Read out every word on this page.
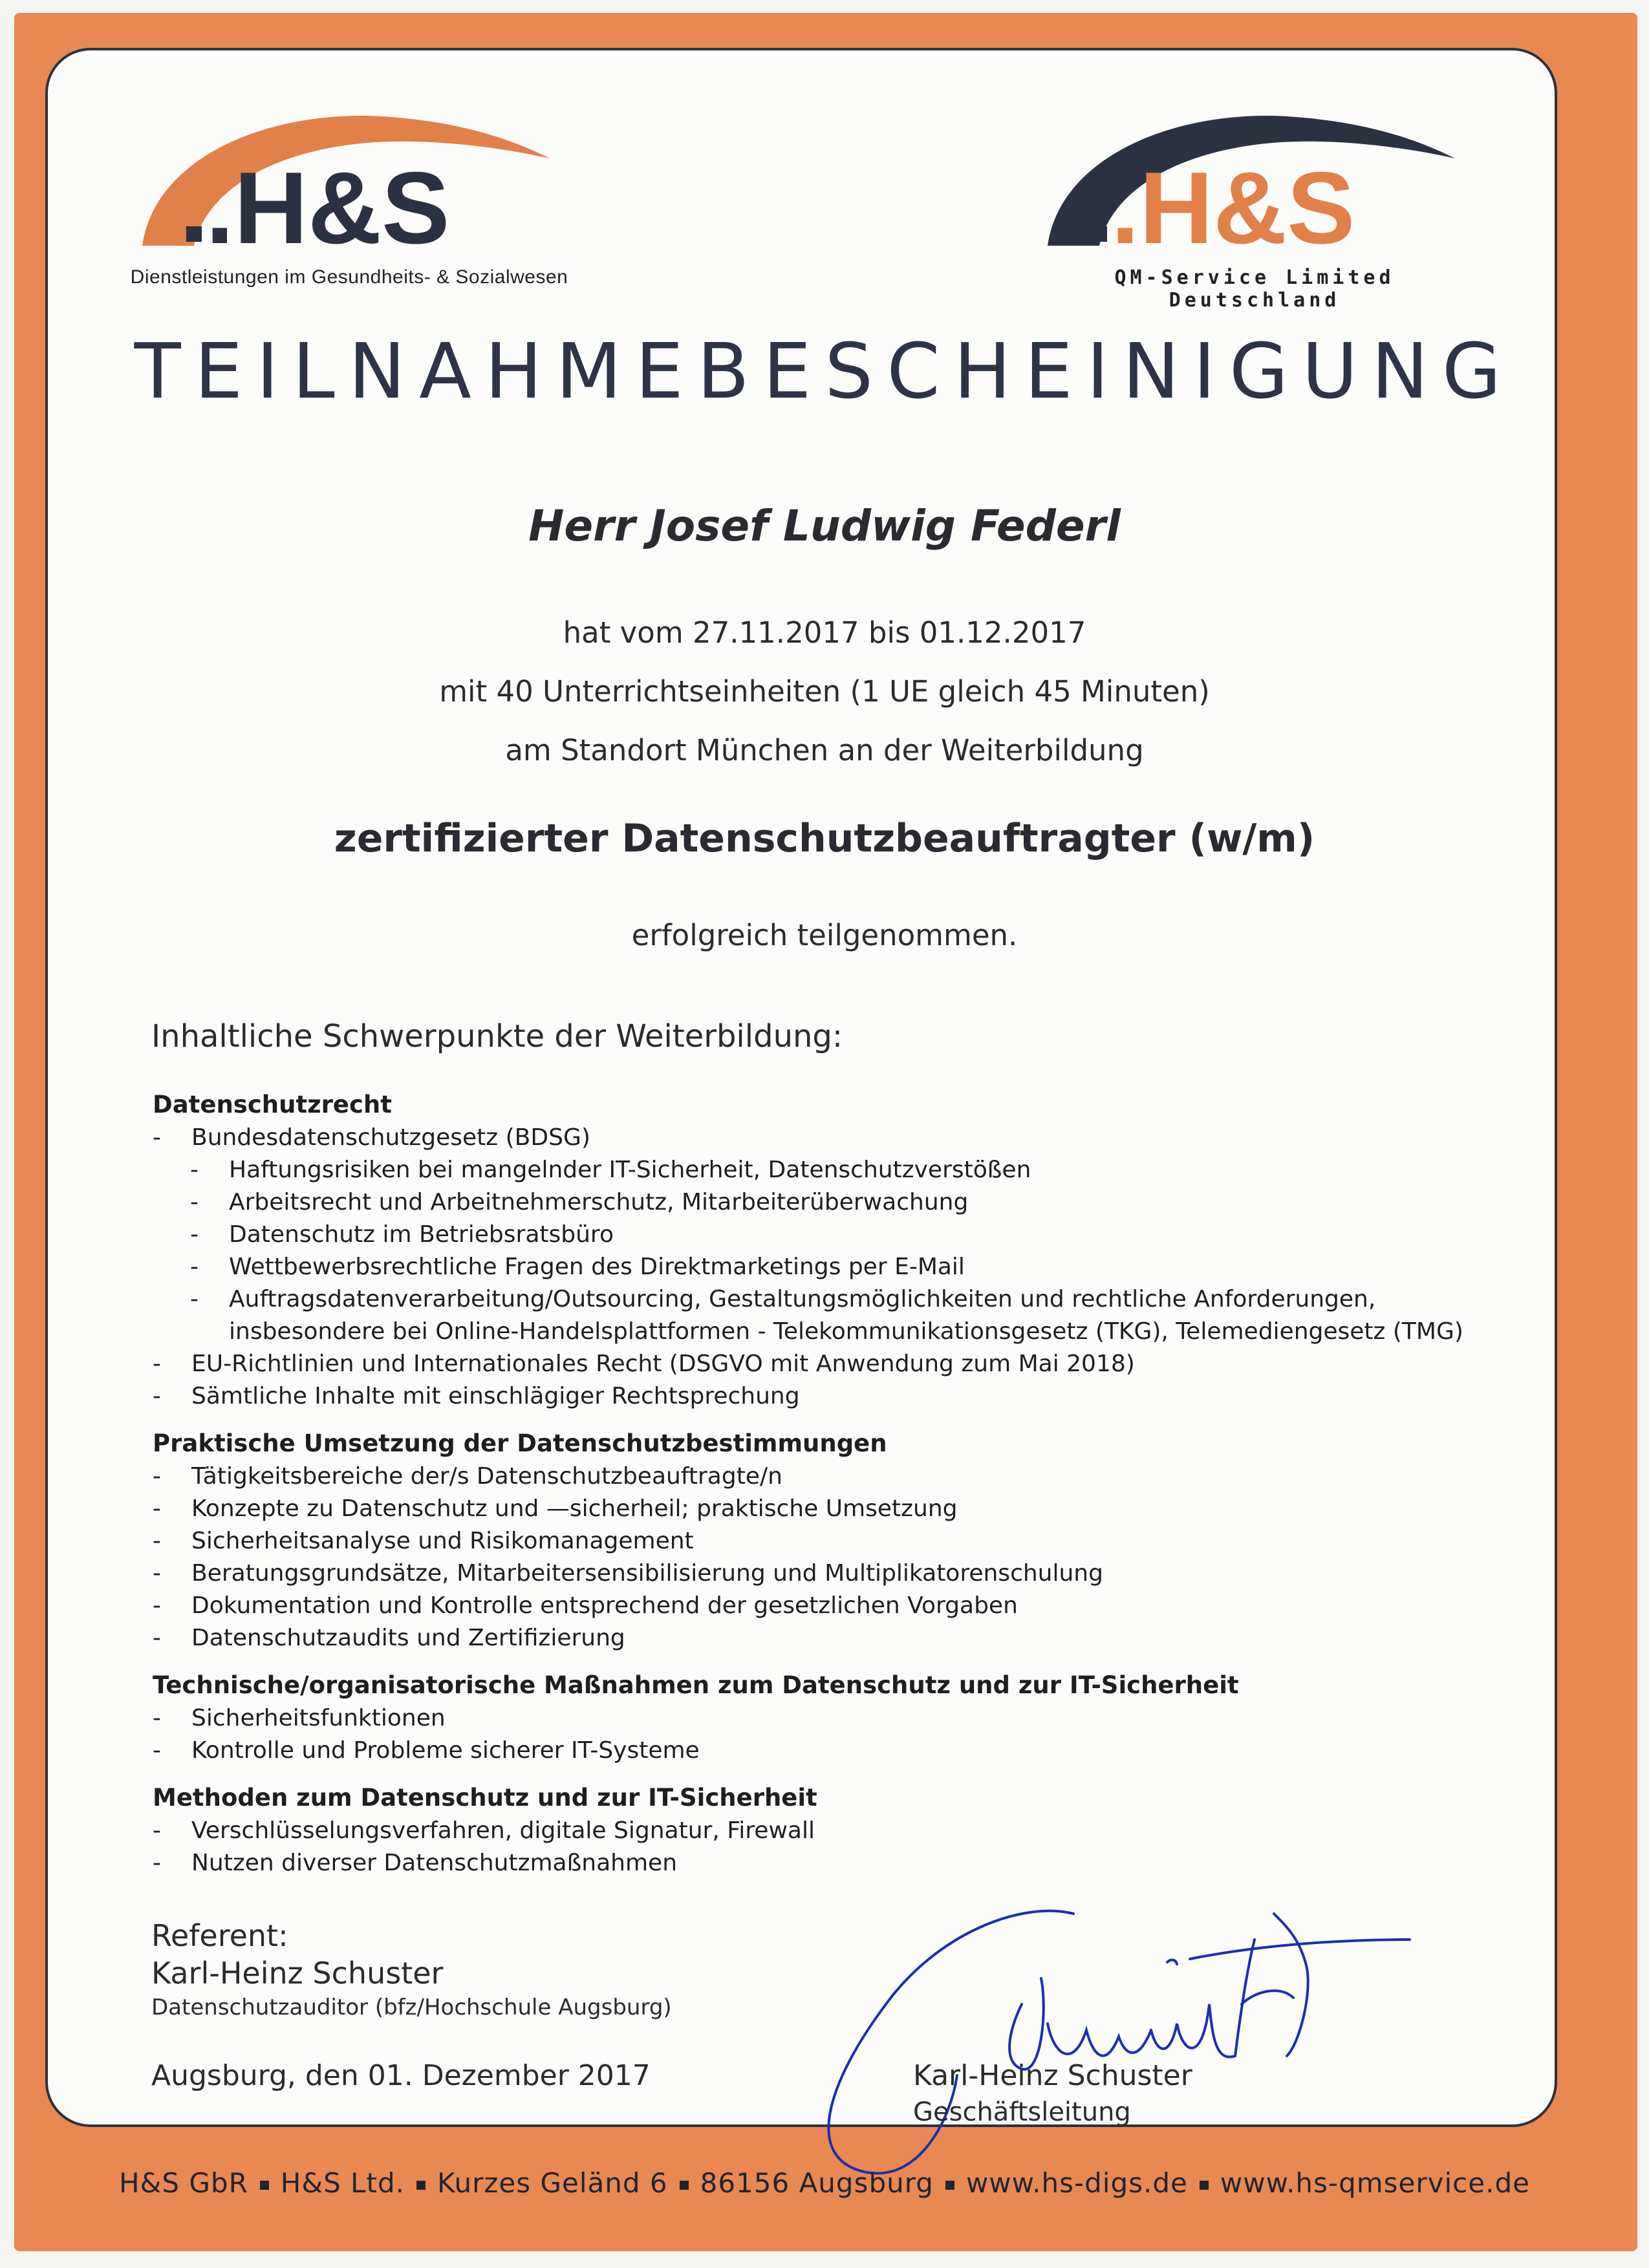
.H&S
Dienstleistungen im Gesundheits- & Sozialwesen
.H&S
QM-Service Limited Deutschland
TEILNAHMEBESCHEINIGUNG
Herr Josef Ludwig Federl
hat vom 27.11.2017 bis 01.12.2017
mit 40 Unterrichtseinheiten (1 UE gleich 45 Minuten)
am Standort München an der Weiterbildung
zertifizierter Datenschutzbeauftragter (w/m)
erfolgreich teilgenommen.
Inhaltliche Schwerpunkte der Weiterbildung:
Datenschutzrecht
- Bundesdatenschutzgesetz (BDSG)
- Haftungsrisiken bei mangelnder IT-Sicherheit, Datenschutzverstößen
- Arbeitsrecht und Arbeitnehmerschutz, Mitarbeiterüberwachung
- Datenschutz im Betriebsratsbüro
- Wettbewerbsrechtliche Fragen des Direktmarketings per E-Mail
- Auftragsdatenverarbeitung/Outsourcing, Gestaltungsmöglichkeiten und rechtliche Anforderungen,
insbesondere bei Online-Handelsplattformen - Telekommunikationsgesetz (TKG), Telemediengesetz (TMG)
- EU-Richtlinien und Internationales Recht (DSGVO mit Anwendung zum Mai 2018)
- Sämtliche Inhalte mit einschlägiger Rechtsprechung
Praktische Umsetzung der Datenschutzbestimmungen
- Tätigkeitsbereiche der/s Datenschutzbeauftragte/n
- Konzepte zu Datenschutz und —sicherheil; praktische Umsetzung
- Sicherheitsanalyse und Risikomanagement
- Beratungsgrundsätze, Mitarbeitersensibilisierung und Multiplikatorenschulung
- Dokumentation und Kontrolle entsprechend der gesetzlichen Vorgaben
- Datenschutzaudits und Zertifizierung
Technische/organisatorische Maßnahmen zum Datenschutz und zur IT-Sicherheit
- Sicherheitsfunktionen
- Kontrolle und Probleme sicherer IT-Systeme
Methoden zum Datenschutz und zur IT-Sicherheit
- Verschlüsselungsverfahren, digitale Signatur, Firewall
- Nutzen diverser Datenschutzmaßnahmen
Referent:
Karl-Heinz Schuster
Datenschutzauditor (bfz/Hochschule Augsburg)
Augsburg, den 01. Dezember 2017	Karl-Heinz Schuster
Geschäftsleitung
H&S GbR H&S Ltd. Kurzes Geländ 6 86156 Augsburg www.hs-digs.de www.hs-qmservice.de
